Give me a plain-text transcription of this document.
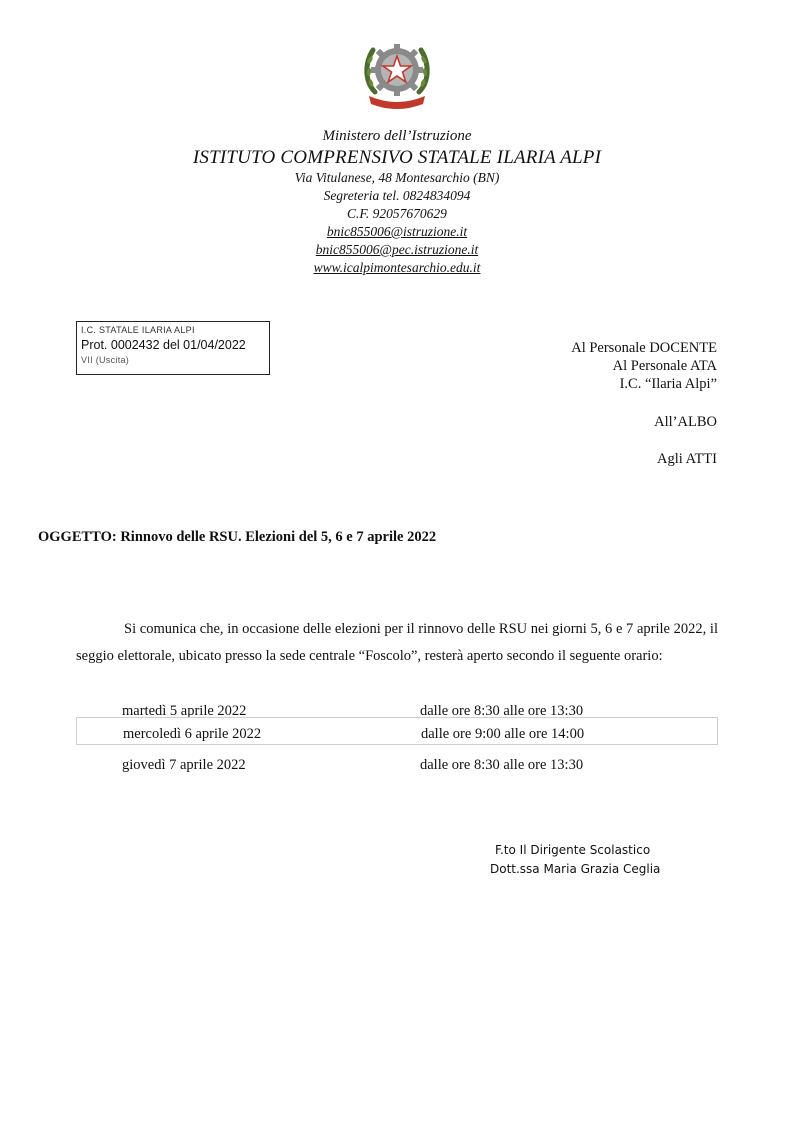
Ministero dell’Istruzione
ISTITUTO COMPRENSIVO STATALE ILARIA ALPI
Via Vitulanese, 48 Montesarchio (BN)
Segreteria tel. 0824834094
C.F. 92057670629
bnic855006@istruzione.it
bnic855006@pec.istruzione.it
www.icalpimontesarchio.edu.it
I.C. STATALE ILARIA ALPI
Prot. 0002432 del 01/04/2022
VII (Uscita)
Al Personale DOCENTE
Al Personale ATA
I.C. “Ilaria Alpi”
All’ALBO
Agli ATTI
OGGETTO: Rinnovo delle RSU. Elezioni del 5, 6 e 7 aprile 2022

Si comunica che, in occasione delle elezioni per il rinnovo delle RSU nei giorni 5, 6 e 7 aprile 2022, il seggio elettorale, ubicato presso la sede centrale “Foscolo”, resterà aperto secondo il seguente orario:

martedì 5 aprile 2022	dalle ore 8:30 alle ore 13:30
mercoledì 6 aprile 2022	dalle ore 9:00 alle ore 14:00
giovedì 7 aprile 2022	dalle ore 8:30 alle ore 13:30
F.to Il Dirigente Scolastico
Dott.ssa Maria Grazia Ceglia
